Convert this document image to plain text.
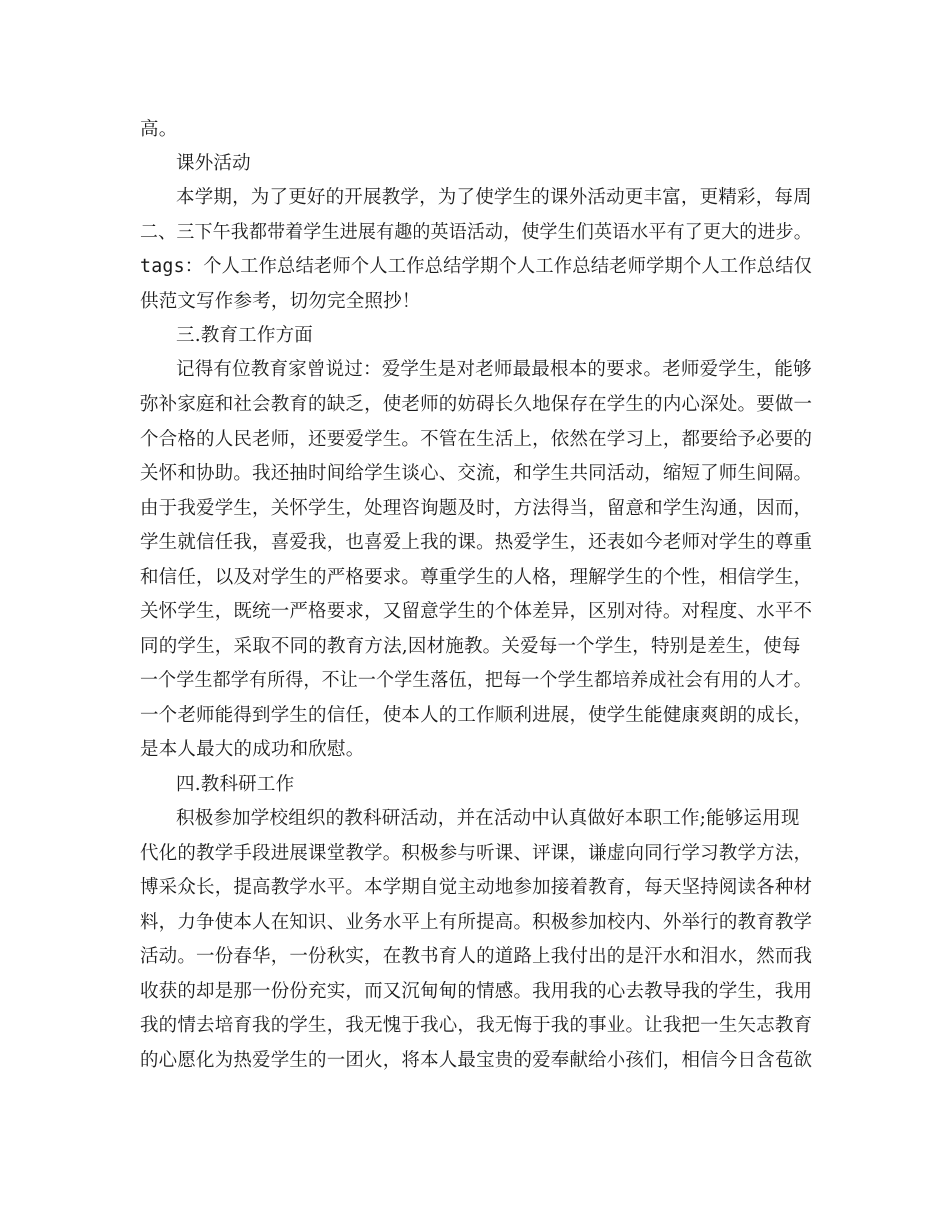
高。
课外活动
本学期，为了更好的开展教学，为了使学生的课外活动更丰富，更精彩，每周
二、三下午我都带着学生进展有趣的英语活动，使学生们英语水平有了更大的进步。
tags：个人工作总结老师个人工作总结学期个人工作总结老师学期个人工作总结仅
供范文写作参考，切勿完全照抄！
三.教育工作方面
记得有位教育家曾说过：爱学生是对老师最最根本的要求。老师爱学生，能够
弥补家庭和社会教育的缺乏，使老师的妨碍长久地保存在学生的内心深处。要做一
个合格的人民老师，还要爱学生。不管在生活上，依然在学习上，都要给予必要的
关怀和协助。我还抽时间给学生谈心、交流，和学生共同活动，缩短了师生间隔。
由于我爱学生，关怀学生，处理咨询题及时，方法得当，留意和学生沟通，因而，
学生就信任我，喜爱我，也喜爱上我的课。热爱学生，还表如今老师对学生的尊重
和信任，以及对学生的严格要求。尊重学生的人格，理解学生的个性，相信学生，
关怀学生，既统一严格要求，又留意学生的个体差异，区别对待。对程度、水平不
同的学生，采取不同的教育方法,因材施教。关爱每一个学生，特别是差生，使每
一个学生都学有所得，不让一个学生落伍，把每一个学生都培养成社会有用的人才。
一个老师能得到学生的信任，使本人的工作顺利进展，使学生能健康爽朗的成长，
是本人最大的成功和欣慰。
四.教科研工作
积极参加学校组织的教科研活动，并在活动中认真做好本职工作;能够运用现
代化的教学手段进展课堂教学。积极参与听课、评课，谦虚向同行学习教学方法，
博采众长，提高教学水平。本学期自觉主动地参加接着教育，每天坚持阅读各种材
料，力争使本人在知识、业务水平上有所提高。积极参加校内、外举行的教育教学
活动。一份春华，一份秋实，在教书育人的道路上我付出的是汗水和泪水，然而我
收获的却是那一份份充实，而又沉甸甸的情感。我用我的心去教导我的学生，我用
我的情去培育我的学生，我无愧于我心，我无悔于我的事业。让我把一生矢志教育
的心愿化为热爱学生的一团火，将本人最宝贵的爱奉献给小孩们，相信今日含苞欲
